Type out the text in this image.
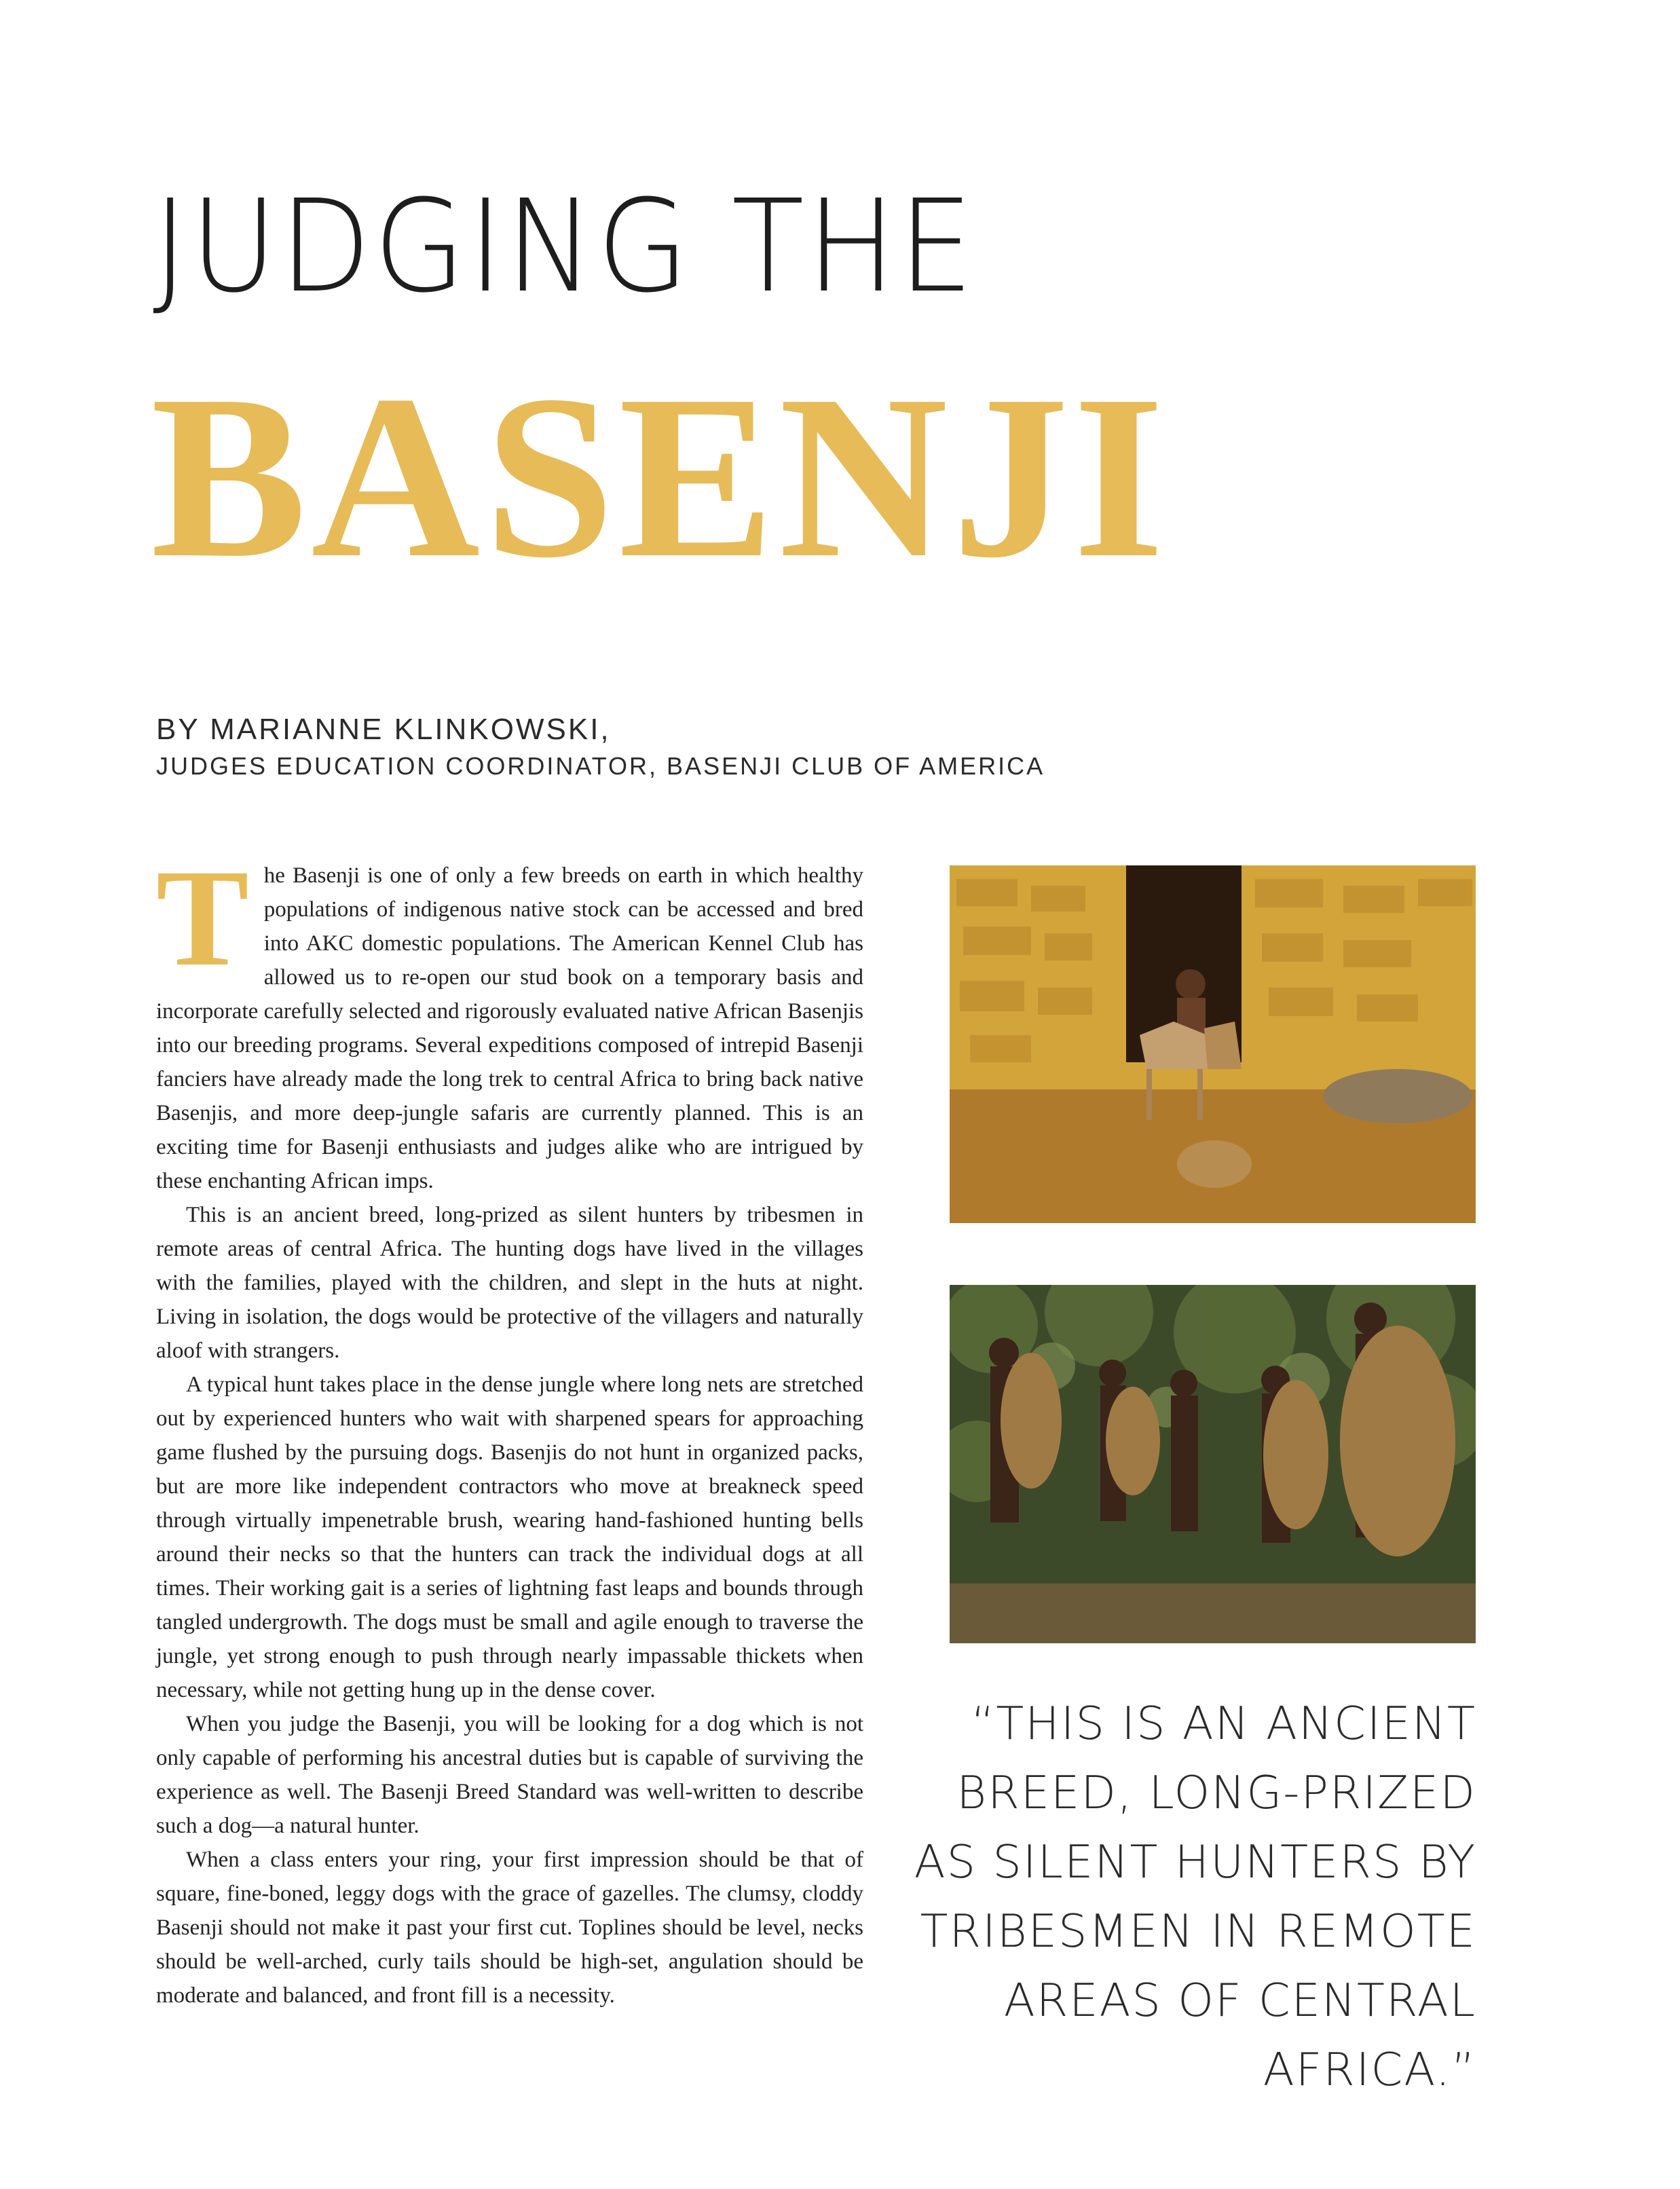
JUDGING THE
BASENJI
BY MARIANNE KLINKOWSKI,
JUDGES EDUCATION COORDINATOR, BASENJI CLUB OF AMERICA

The Basenji is one of only a few breeds on earth in which healthy populations of indigenous native stock can be accessed and bred into AKC domestic populations. The American Kennel Club has allowed us to re-open our stud book on a temporary basis and incorporate carefully selected and rigorously evaluated native African Basenjis into our breeding programs. Several expeditions composed of intrepid Basenji fanciers have already made the long trek to central Africa to bring back native Basenjis, and more deep-jungle safaris are currently planned. This is an exciting time for Basenji enthusiasts and judges alike who are intrigued by these enchanting African imps.

This is an ancient breed, long-prized as silent hunters by tribesmen in remote areas of central Africa. The hunting dogs have lived in the villages with the families, played with the children, and slept in the huts at night. Living in isolation, the dogs would be protective of the villagers and naturally aloof with strangers.

A typical hunt takes place in the dense jungle where long nets are stretched out by experienced hunters who wait with sharpened spears for approaching game flushed by the pursuing dogs. Basenjis do not hunt in organized packs, but are more like independent contractors who move at breakneck speed through virtually impenetrable brush, wearing hand-fashioned hunting bells around their necks so that the hunters can track the individual dogs at all times. Their working gait is a series of lightning fast leaps and bounds through tangled undergrowth. The dogs must be small and agile enough to traverse the jungle, yet strong enough to push through nearly impassable thickets when necessary, while not getting hung up in the dense cover.

When you judge the Basenji, you will be looking for a dog which is not only capable of performing his ancestral duties but is capable of surviving the experience as well. The Basenji Breed Standard was well-written to describe such a dog—a natural hunter.

When a class enters your ring, your first impression should be that of square, fine-boned, leggy dogs with the grace of gazelles. The clumsy, cloddy Basenji should not make it past your first cut. Toplines should be level, necks should be well-arched, curly tails should be high-set, angulation should be moderate and balanced, and front fill is a necessity.

“THIS IS AN ANCIENT BREED, LONG-PRIZED AS SILENT HUNTERS BY TRIBESMEN IN REMOTE AREAS OF CENTRAL AFRICA.”
